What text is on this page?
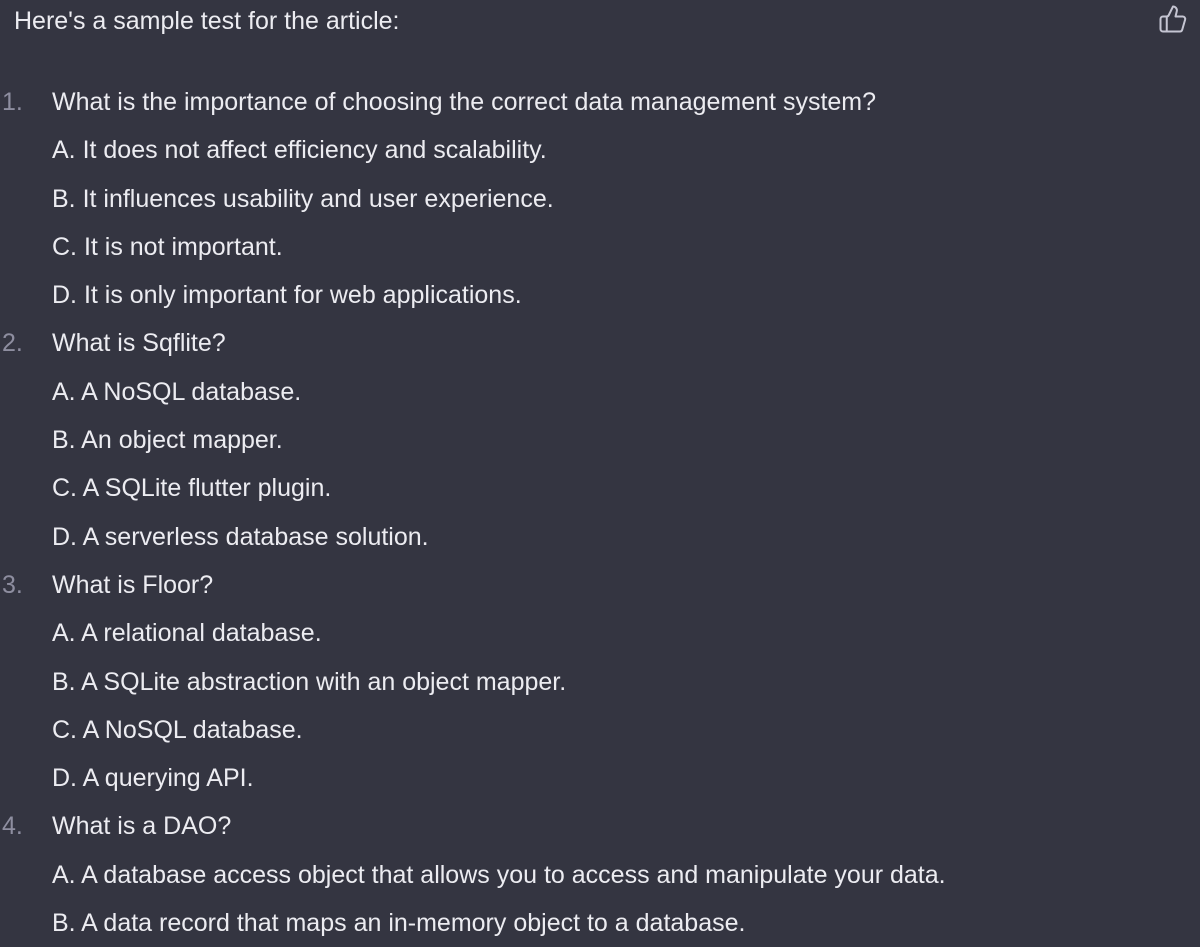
Here's a sample test for the article:
1. What is the importance of choosing the correct data management system?
A. It does not affect efficiency and scalability.
B. It influences usability and user experience.
C. It is not important.
D. It is only important for web applications.
2. What is Sqflite?
A. A NoSQL database.
B. An object mapper.
C. A SQLite flutter plugin.
D. A serverless database solution.
3. What is Floor?
A. A relational database.
B. A SQLite abstraction with an object mapper.
C. A NoSQL database.
D. A querying API.
4. What is a DAO?
A. A database access object that allows you to access and manipulate your data.
B. A data record that maps an in-memory object to a database.
